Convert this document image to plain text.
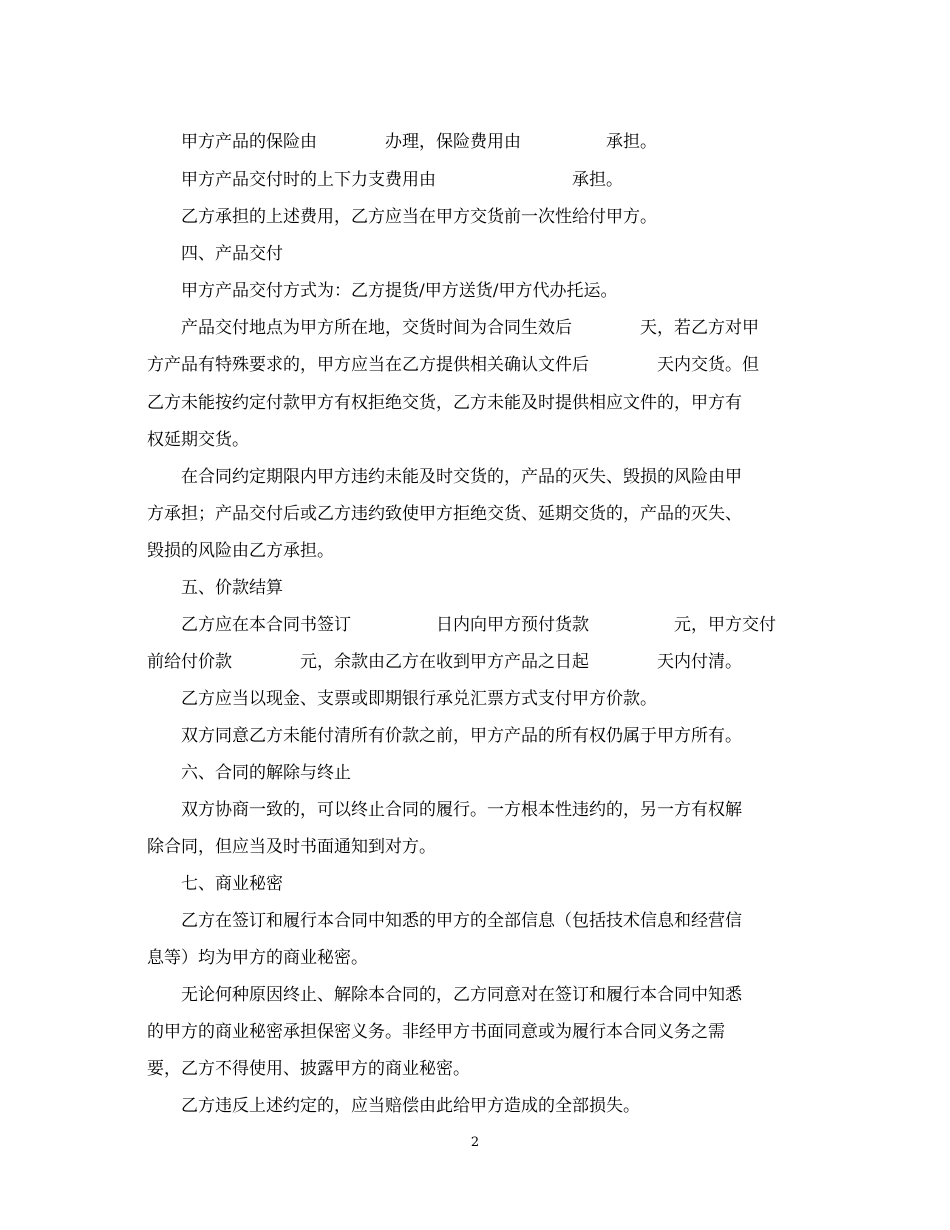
甲方产品的保险由　　　　办理，保险费用由　　　　　承担。
甲方产品交付时的上下力支费用由　　　　　　　　承担。
乙方承担的上述费用，乙方应当在甲方交货前一次性给付甲方。
四、产品交付
甲方产品交付方式为：乙方提货/甲方送货/甲方代办托运。
产品交付地点为甲方所在地，交货时间为合同生效后　　　　天，若乙方对甲
方产品有特殊要求的，甲方应当在乙方提供相关确认文件后　　　　天内交货。但
乙方未能按约定付款甲方有权拒绝交货，乙方未能及时提供相应文件的，甲方有
权延期交货。
在合同约定期限内甲方违约未能及时交货的，产品的灭失、毁损的风险由甲
方承担；产品交付后或乙方违约致使甲方拒绝交货、延期交货的，产品的灭失、
毁损的风险由乙方承担。
五、价款结算
乙方应在本合同书签订　　　　　日内向甲方预付货款　　　　　元，甲方交付
前给付价款　　　　元，余款由乙方在收到甲方产品之日起　　　　天内付清。
乙方应当以现金、支票或即期银行承兑汇票方式支付甲方价款。
双方同意乙方未能付清所有价款之前，甲方产品的所有权仍属于甲方所有。
六、合同的解除与终止
双方协商一致的，可以终止合同的履行。一方根本性违约的，另一方有权解
除合同，但应当及时书面通知到对方。
七、商业秘密
乙方在签订和履行本合同中知悉的甲方的全部信息（包括技术信息和经营信
息等）均为甲方的商业秘密。
无论何种原因终止、解除本合同的，乙方同意对在签订和履行本合同中知悉
的甲方的商业秘密承担保密义务。非经甲方书面同意或为履行本合同义务之需
要，乙方不得使用、披露甲方的商业秘密。
乙方违反上述约定的，应当赔偿由此给甲方造成的全部损失。
2
